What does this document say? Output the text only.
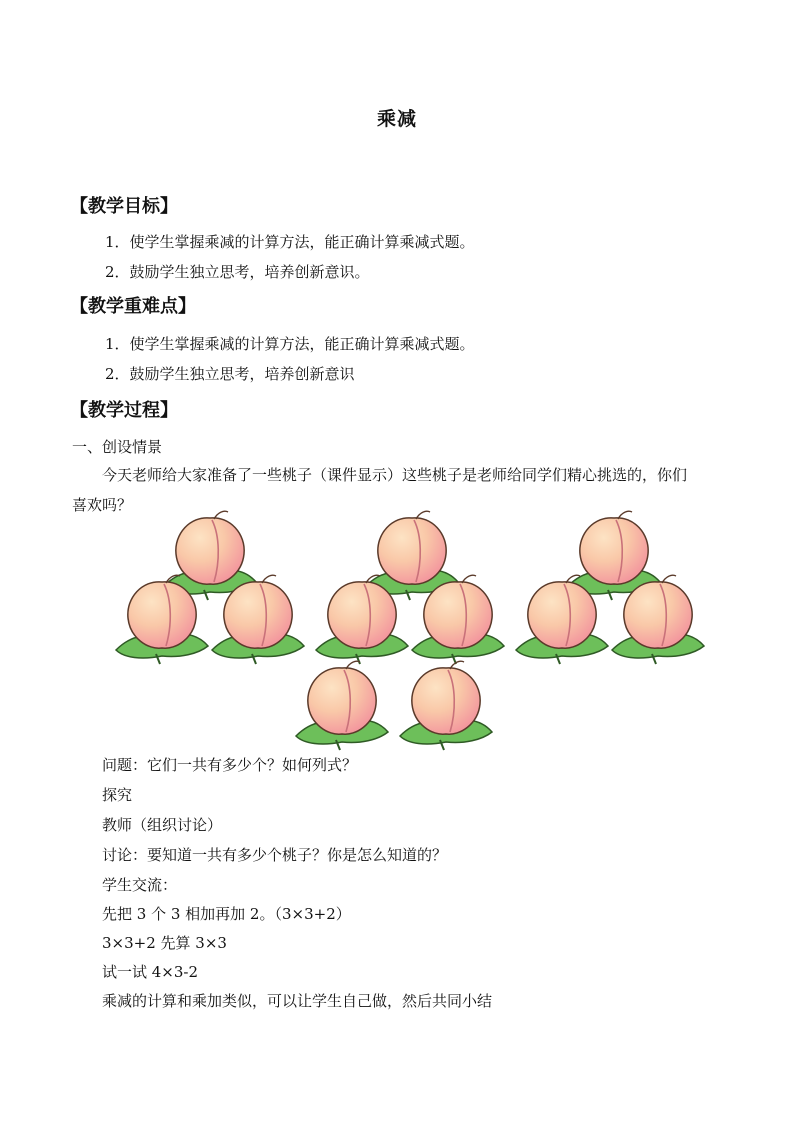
乘减
【教学目标】
1．使学生掌握乘减的计算方法，能正确计算乘减式题。
2．鼓励学生独立思考，培养创新意识。
【教学重难点】
1．使学生掌握乘减的计算方法，能正确计算乘减式题。
2．鼓励学生独立思考，培养创新意识
【教学过程】
一、创设情景
今天老师给大家准备了一些桃子（课件显示）这些桃子是老师给同学们精心挑选的，你们
喜欢吗？
问题：它们一共有多少个？如何列式？
探究
教师（组织讨论）
讨论：要知道一共有多少个桃子？你是怎么知道的？
学生交流：
先把 3 个 3 相加再加 2。（3×3+2）
3×3+2 先算 3×3
试一试 4×3-2
乘减的计算和乘加类似，可以让学生自己做，然后共同小结
